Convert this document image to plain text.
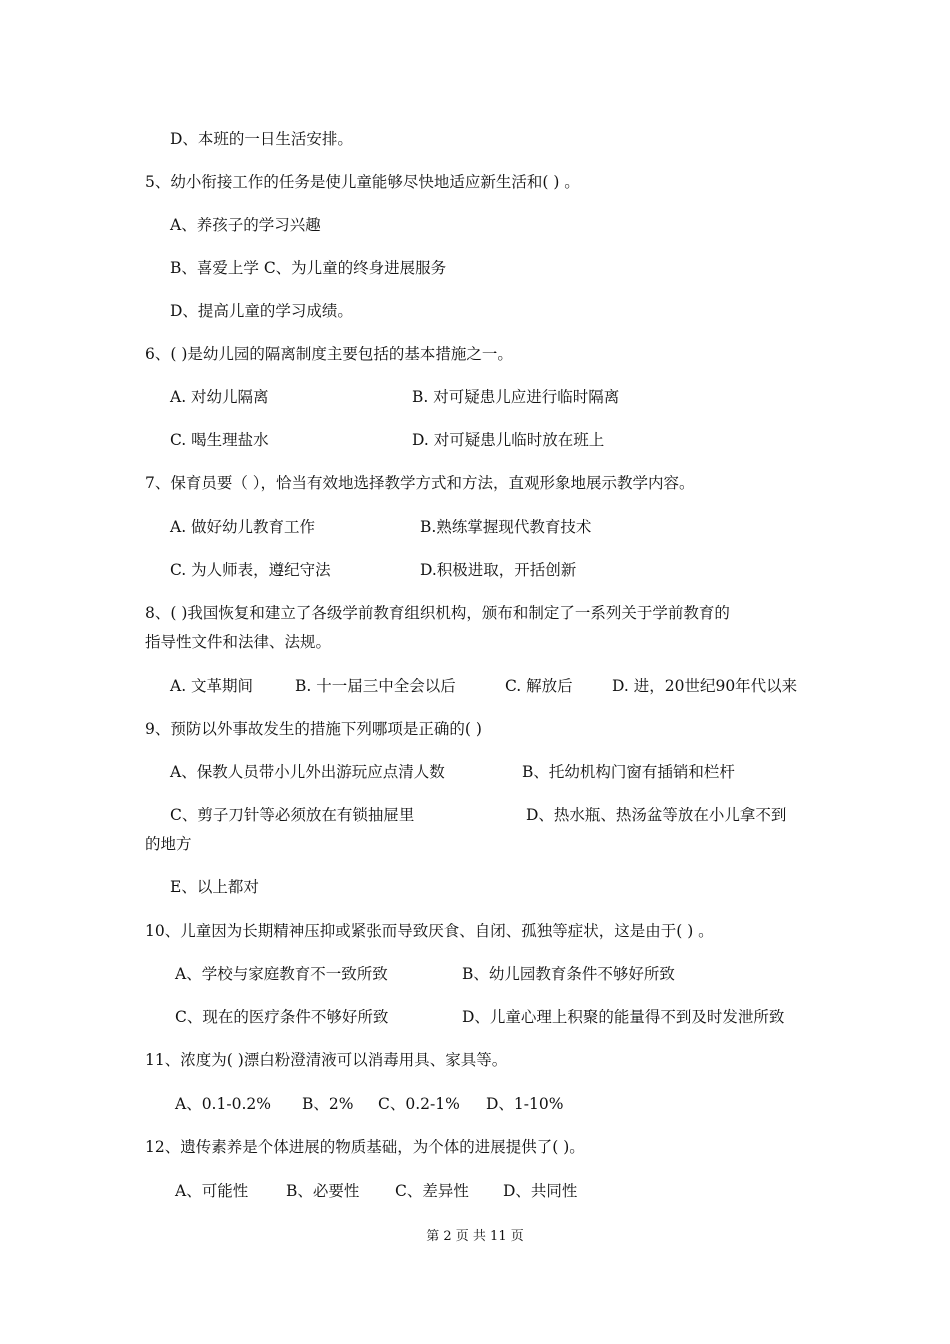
D、本班的一日生活安排。
5、幼小衔接工作的任务是使儿童能够尽快地适应新生活和( ) 。
A、养孩子的学习兴趣
B、喜爱上学 C、为儿童的终身进展服务
D、提高儿童的学习成绩。
6、( )是幼儿园的隔离制度主要包括的基本措施之一。
A. 对幼儿隔离	B. 对可疑患儿应进行临时隔离
C. 喝生理盐水	D. 对可疑患儿临时放在班上
7、保育员要（ ），恰当有效地选择教学方式和方法，直观形象地展示教学内容。
A. 做好幼儿教育工作	B.熟练掌握现代教育技术
C. 为人师表，遵纪守法	D.积极进取，开括创新
8、( )我国恢复和建立了各级学前教育组织机构，颁布和制定了一系列关于学前教育的
指导性文件和法律、法规。
A. 文革期间	B. 十一届三中全会以后	C. 解放后	D. 进，20世纪90年代以来
9、预防以外事故发生的措施下列哪项是正确的( )
A、保教人员带小儿外出游玩应点清人数	B、托幼机构门窗有插销和栏杆
C、剪子刀针等必须放在有锁抽屉里	D、热水瓶、热汤盆等放在小儿拿不到
的地方
E、以上都对
10、儿童因为长期精神压抑或紧张而导致厌食、自闭、孤独等症状，这是由于( ) 。
A、学校与家庭教育不一致所致	B、幼儿园教育条件不够好所致
C、现在的医疗条件不够好所致	D、儿童心理上积聚的能量得不到及时发泄所致
11、浓度为( )漂白粉澄清液可以消毒用具、家具等。
A、0.1-0.2% B、2% C、0.2-1% D、1-10%
12、遗传素养是个体进展的物质基础，为个体的进展提供了( )。
A、可能性 B、必要性 C、差异性 D、共同性
第 2 页 共 11 页
